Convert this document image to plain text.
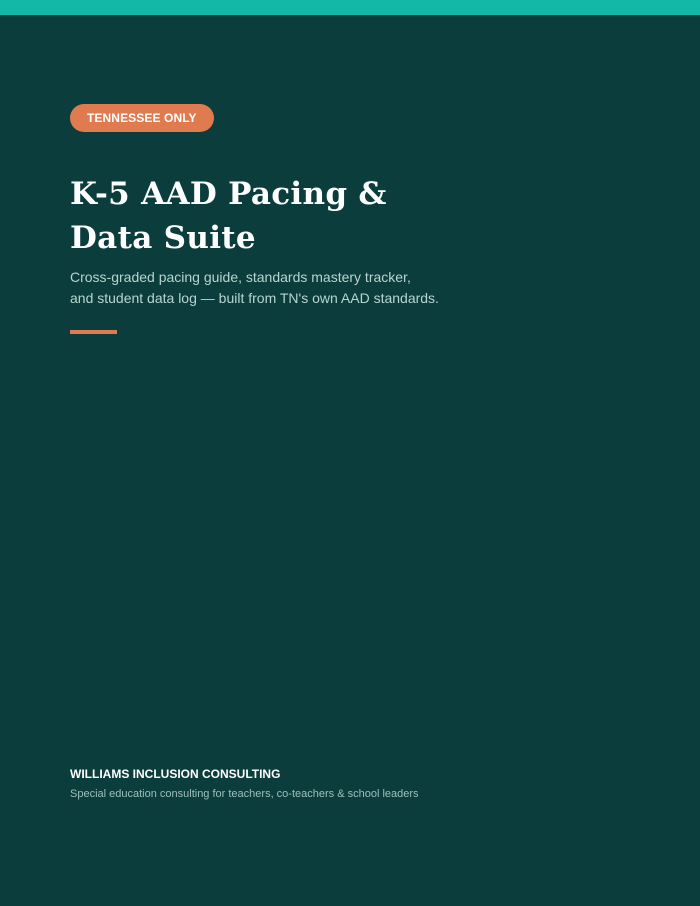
TENNESSEE ONLY
K-5 AAD Pacing &
Data Suite

Cross-graded pacing guide, standards mastery tracker,
and student data log — built from TN's own AAD standards.

WILLIAMS INCLUSION CONSULTING

Special education consulting for teachers, co-teachers & school leaders
